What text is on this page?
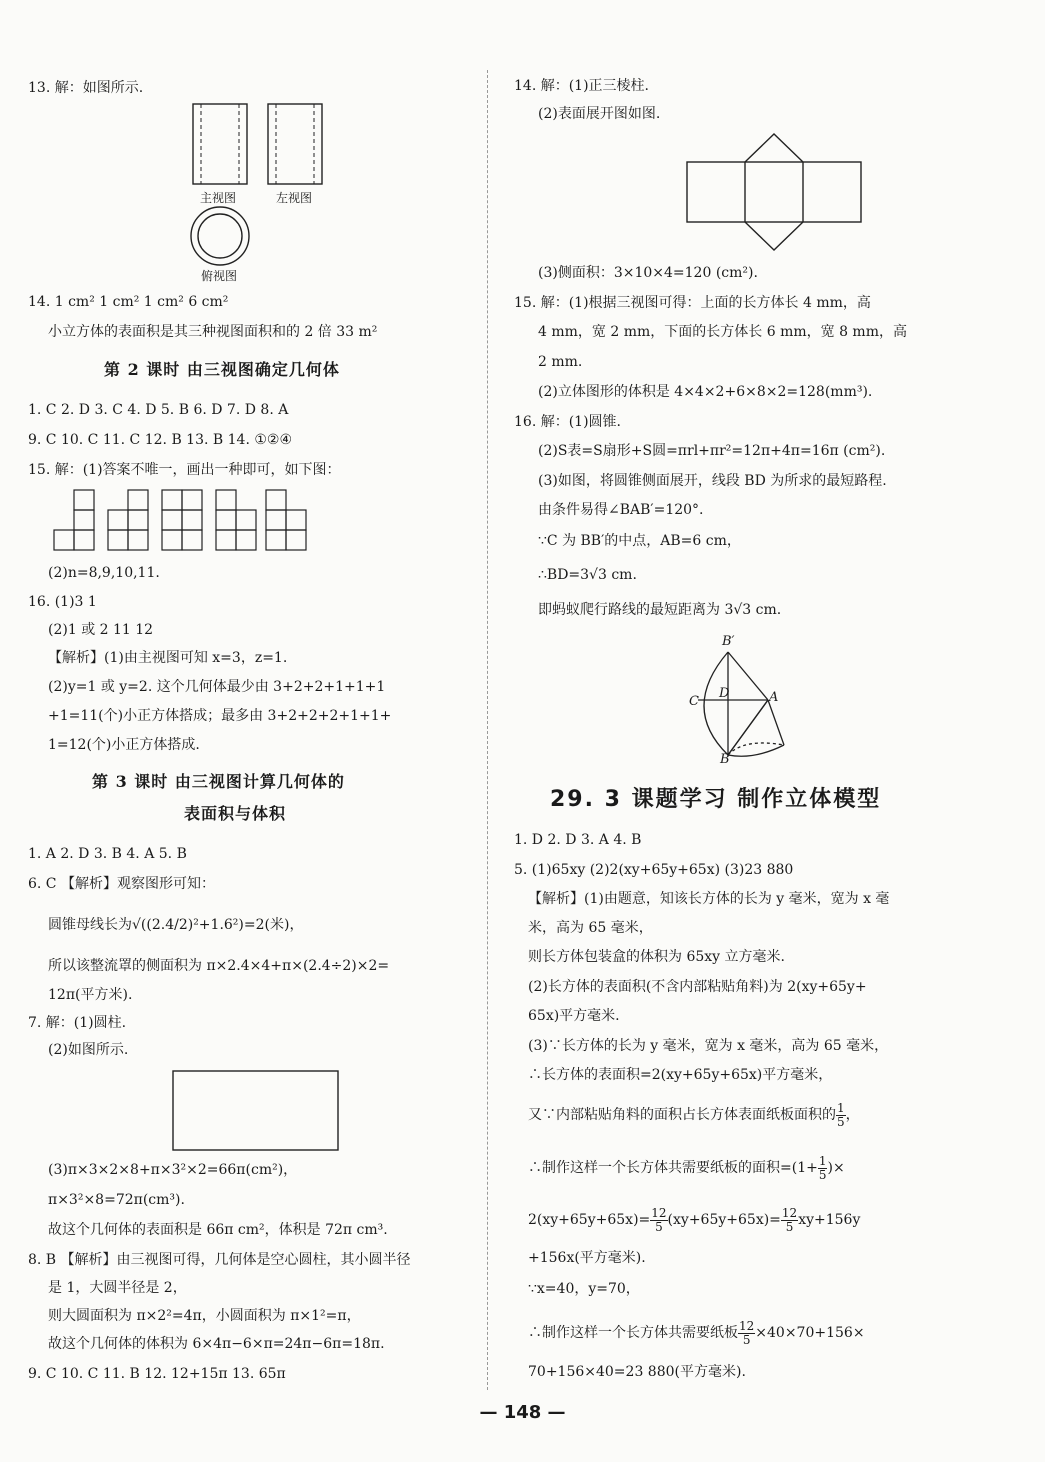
13. 解：如图所示.
主视图	左视图
俯视图
14. 1 cm² 1 cm² 1 cm² 6 cm²
小立方体的表面积是其三种视图面积和的 2 倍 33 m²
第 2 课时 由三视图确定几何体
1. C 2. D 3. C 4. D 5. B 6. D 7. D 8. A
9. C 10. C 11. C 12. B 13. B 14. ①②④
15. 解：(1)答案不唯一，画出一种即可，如下图：
(2)n=8,9,10,11.
16. (1)3 1
(2)1 或 2 11 12
【解析】(1)由主视图可知 x=3，z=1.
(2)y=1 或 y=2. 这个几何体最少由 3+2+2+1+1+1
+1=11(个)小正方体搭成；最多由 3+2+2+2+1+1+
1=12(个)小正方体搭成.
第 3 课时 由三视图计算几何体的
表面积与体积
1. A 2. D 3. B 4. A 5. B
6. C 【解析】观察图形可知：
圆锥母线长为√((2.4/2)²+1.6²)=2(米)，
所以该整流罩的侧面积为 π×2.4×4+π×(2.4÷2)×2=
12π(平方米).
7. 解：(1)圆柱.
(2)如图所示.
(3)π×3×2×8+π×3²×2=66π(cm²)，
π×3²×8=72π(cm³).
故这个几何体的表面积是 66π cm²，体积是 72π cm³.
8. B 【解析】由三视图可得，几何体是空心圆柱，其小圆半径
是 1，大圆半径是 2，
则大圆面积为 π×2²=4π，小圆面积为 π×1²=π，
故这个几何体的体积为 6×4π−6×π=24π−6π=18π.
9. C 10. C 11. B 12. 12+15π 13. 65π
14. 解：(1)正三棱柱.
(2)表面展开图如图.
(3)侧面积：3×10×4=120 (cm²).
15. 解：(1)根据三视图可得：上面的长方体长 4 mm，高
4 mm，宽 2 mm，下面的长方体长 6 mm，宽 8 mm，高
2 mm.
(2)立体图形的体积是 4×4×2+6×8×2=128(mm³).
16. 解：(1)圆锥.
(2)S表=S扇形+S圆=πrl+πr²=12π+4π=16π (cm²).
(3)如图，将圆锥侧面展开，线段 BD 为所求的最短路程.
由条件易得∠BAB′=120°.
∵C 为 BB′的中点，AB=6 cm，
∴BD=3√3 cm.
即蚂蚁爬行路线的最短距离为 3√3 cm.
B′
D	A
C
B
29. 3 课题学习 制作立体模型
1. D 2. D 3. A 4. B
5. (1)65xy (2)2(xy+65y+65x) (3)23 880
【解析】(1)由题意，知该长方体的长为 y 毫米，宽为 x 毫
米，高为 65 毫米，
则长方体包装盒的体积为 65xy 立方毫米.
(2)长方体的表面积(不含内部粘贴角料)为 2(xy+65y+
65x)平方毫米.
(3)∵长方体的长为 y 毫米，宽为 x 毫米，高为 65 毫米，
∴长方体的表面积=2(xy+65y+65x)平方毫米，
又∵内部粘贴角料的面积占长方体表面纸板面积的 $\frac{1}{5}$ ，
∴制作这样一个长方体共需要纸板的面积$=(1+ \frac{1}{5}$ )×
$2(xy+65y+65x)= \frac{12}{5} (xy+65y+65x)= \frac{12}{5} xy+156y$
+156x(平方毫米).
∵x=40，y=70，
∴制作这样一个长方体共需要纸板 $\frac{12}{5} \times 40\times 70+156\times$
70+156×40=23 880(平方毫米).
— 148 —
